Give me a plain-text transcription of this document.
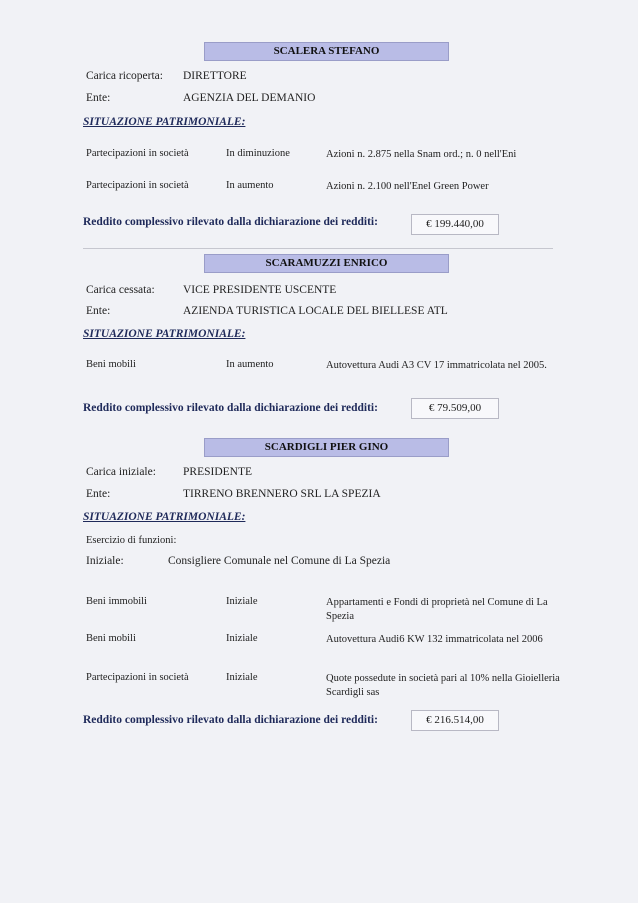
SCALERA STEFANO
Carica ricoperta: DIRETTORE
Ente:	AGENZIA DEL DEMANIO
SITUAZIONE PATRIMONIALE:
Partecipazioni in società	In diminuzione	Azioni n. 2.875 nella Snam ord.; n. 0 nell'Eni
Partecipazioni in società	In aumento	Azioni n. 2.100 nell'Enel Green Power
Reddito complessivo rilevato dalla dichiarazione dei redditi:	€ 199.440,00
SCARAMUZZI ENRICO
Carica cessata: VICE PRESIDENTE USCENTE
Ente:	AZIENDA TURISTICA LOCALE DEL BIELLESE ATL
SITUAZIONE PATRIMONIALE:
Beni mobili	In aumento	Autovettura Audi A3 CV 17 immatricolata nel 2005.
Reddito complessivo rilevato dalla dichiarazione dei redditi:	€ 79.509,00
SCARDIGLI PIER GINO
Carica iniziale: PRESIDENTE
Ente:	TIRRENO BRENNERO SRL LA SPEZIA
SITUAZIONE PATRIMONIALE:
Esercizio di funzioni:
Iniziale:	Consigliere Comunale nel Comune di La Spezia
Beni immobili	Iniziale	Appartamenti e Fondi di proprietà nel Comune di La Spezia
Beni mobili	Iniziale	Autovettura Audi6 KW 132 immatricolata nel 2006
Partecipazioni in società	Iniziale	Quote possedute in società pari al 10% nella Gioielleria Scardigli sas
Reddito complessivo rilevato dalla dichiarazione dei redditi:	€ 216.514,00
